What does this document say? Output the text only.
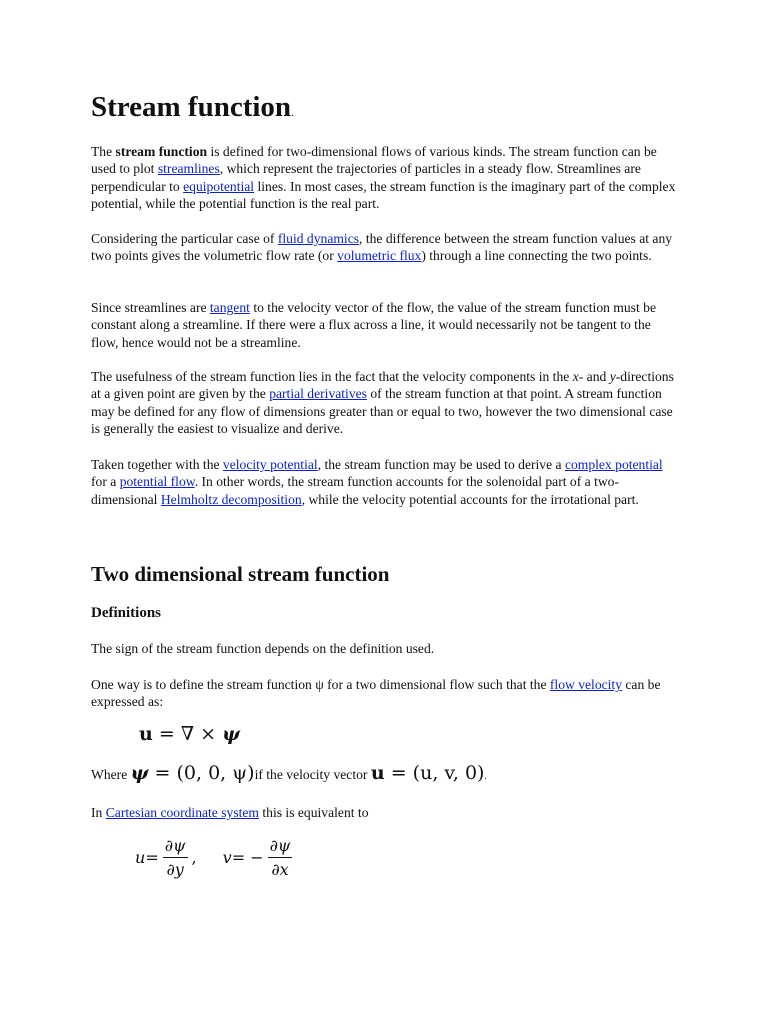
Stream function.

The stream function is defined for two-dimensional flows of various kinds. The stream function can be used to plot streamlines, which represent the trajectories of particles in a steady flow. Streamlines are perpendicular to equipotential lines. In most cases, the stream function is the imaginary part of the complex potential, while the potential function is the real part.

Considering the particular case of fluid dynamics, the difference between the stream function values at any two points gives the volumetric flow rate (or volumetric flux) through a line connecting the two points.

Since streamlines are tangent to the velocity vector of the flow, the value of the stream function must be constant along a streamline. If there were a flux across a line, it would necessarily not be tangent to the flow, hence would not be a streamline.

The usefulness of the stream function lies in the fact that the velocity components in the x- and y-directions at a given point are given by the partial derivatives of the stream function at that point. A stream function may be defined for any flow of dimensions greater than or equal to two, however the two dimensional case is generally the easiest to visualize and derive.

Taken together with the velocity potential, the stream function may be used to derive a complex potential for a potential flow. In other words, the stream function accounts for the solenoidal part of a two-dimensional Helmholtz decomposition, while the velocity potential accounts for the irrotational part.

Two dimensional stream function
Definitions

The sign of the stream function depends on the definition used.

One way is to define the stream function ψ for a two dimensional flow such that the flow velocity can be expressed as:

u = ∇ × ψ
Where ψ = (0, 0, ψ)if the velocity vector u = (u, v, 0).

In Cartesian coordinate system this is equivalent to

$u = \frac{\partial\psi}{\partial y}$ , v = − $\frac{\partial\psi}{\partial x}$
